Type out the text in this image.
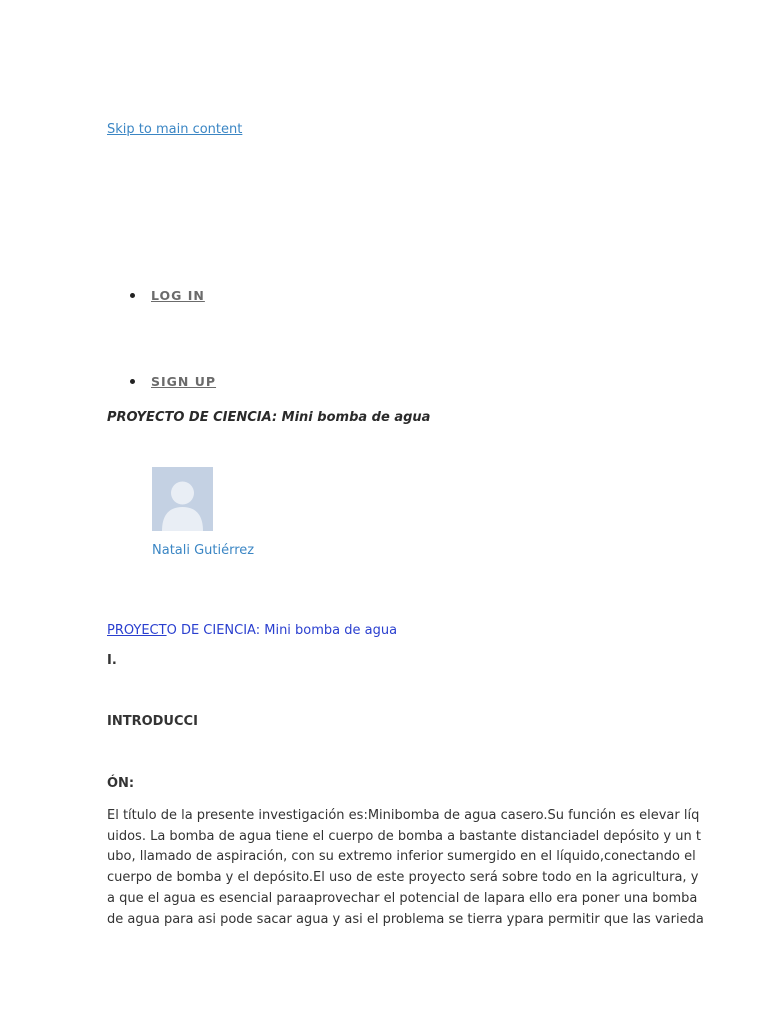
Skip to main content
LOG IN
SIGN UP
PROYECTO DE CIENCIA: Mini bomba de agua
Natali Gutiérrez
PROYECTO DE CIENCIA: Mini bomba de agua
I.
INTRODUCCI
ÓN:
El título de la presente investigación es:Minibomba de agua casero.Su función es elevar líq
uidos. La bomba de agua tiene el cuerpo de bomba a bastante distanciadel depósito y un t
ubo, llamado de aspiración, con su extremo inferior sumergido en el líquido,conectando el
cuerpo de bomba y el depósito.El uso de este proyecto será sobre todo en la agricultura, y
a que el agua es esencial paraaprovechar el potencial de lapara ello era poner una bomba
de agua para asi pode sacar agua y asi el problema se tierra ypara permitir que las varieda
